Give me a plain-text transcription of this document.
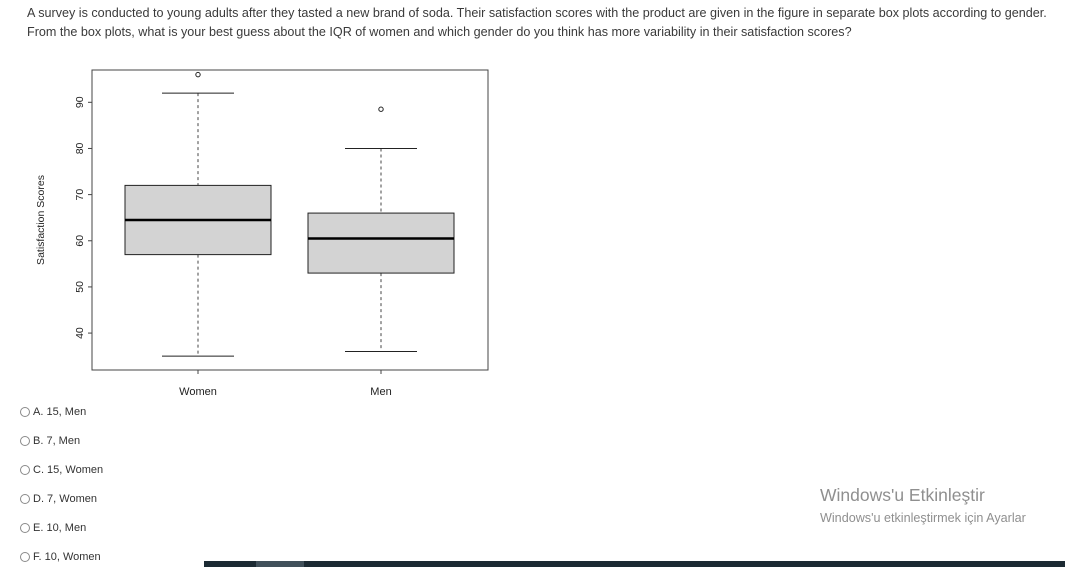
A survey is conducted to young adults after they tasted a new brand of soda. Their satisfaction scores with the product are given in the figure in separate box plots according to gender. From the box plots, what is your best guess about the IQR of women and which gender do you think has more variability in their satisfaction scores?
40
50
60
70
80
90
Satisfaction Scores
Women	Men
A. 15, Men
B. 7, Men
C. 15, Women
D. 7, Women
E. 10, Men
F. 10, Women
Windows'u Etkinleştir
Windows'u etkinleştirmek için Ayarlar
